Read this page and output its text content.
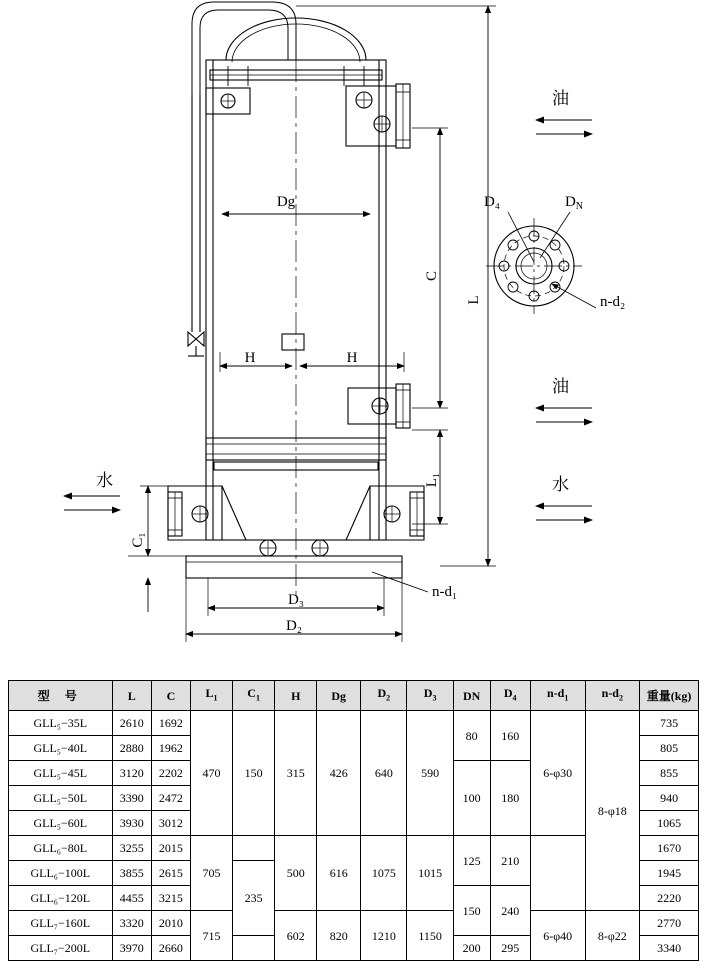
Dg
H	H
C
L₁
L
C₁
D₃
D₂
n-d₁
D₄	$D_N$
n-d₂
油
油
水
水
型 号	L	C	$L_1$	$C_1$	H	Dg	$D_2$	$D_3$	DN	$D_4$	$n-d_1$	$n-d_2$	重量(kg)
GLL₅−35L	2610	1692	470	150	315	426	640	590	80	160	6-φ30	8-φ18	735
GLL₅−40L	2880	1962											805
GLL₅−45L	3120	2202							100	180			855
GLL₅−50L	3390	2472											940
GLL₅−60L	3930	3012											1065
GLL₆−80L	3255	2015	705		500	616	1075	1015	125	210			1670
GLL₆−100L	3855	2615		235									1945
GLL₆−120L	4455	3215							150	240			2220
GLL₇−160L	3320	2010	715		602	820	1210	1150			6-φ40	8-φ22	2770
GLL₇−200L	3970	2660							200	295			3340
